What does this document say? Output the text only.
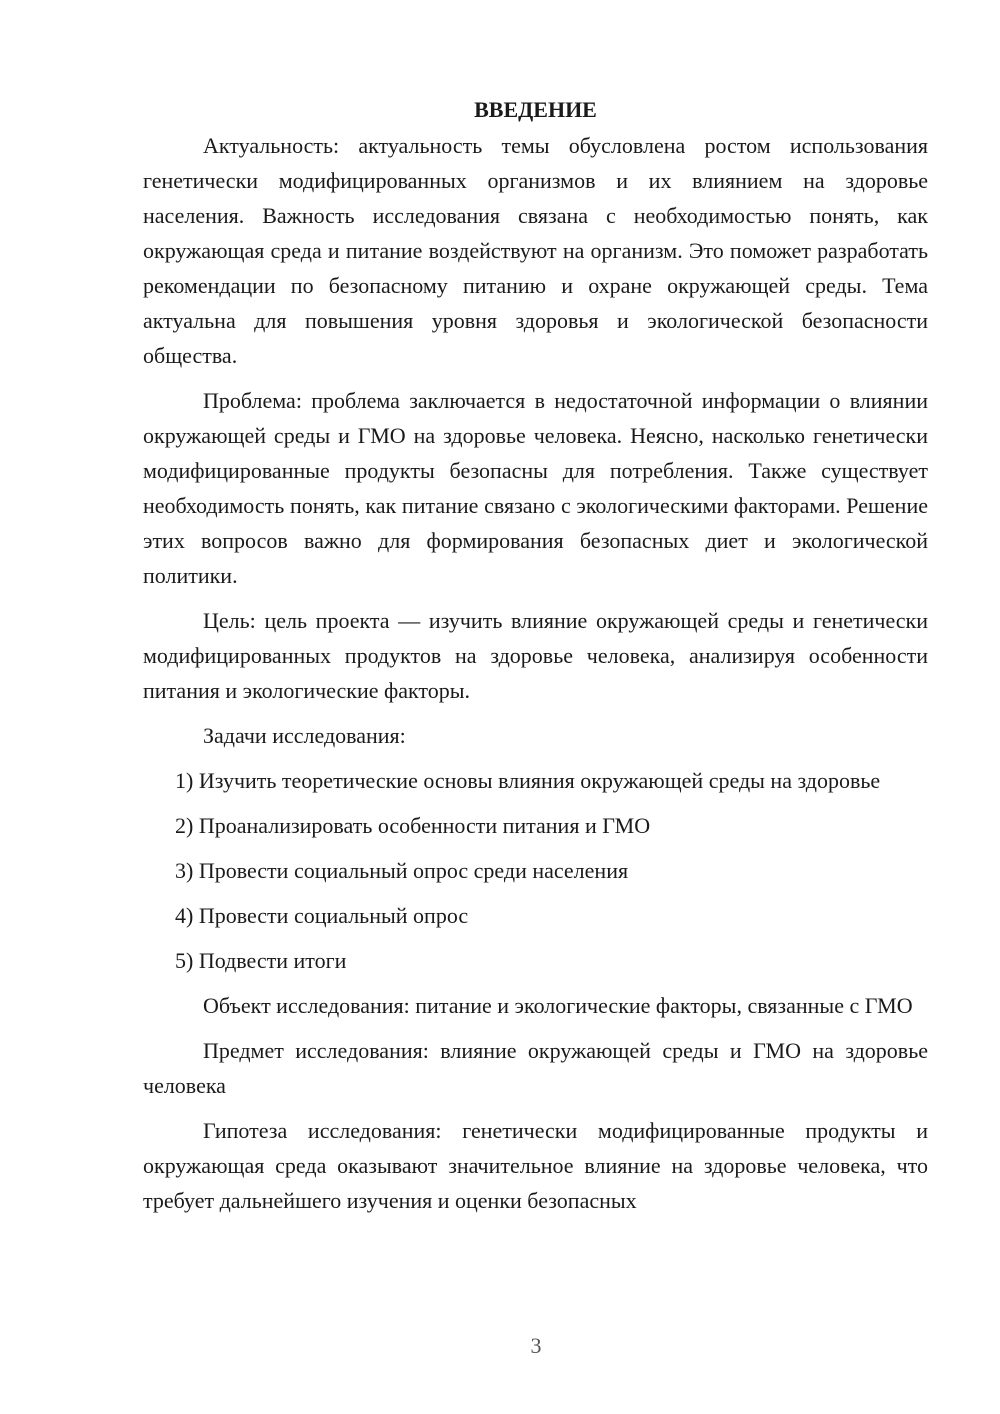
ВВЕДЕНИЕ

Актуальность: актуальность темы обусловлена ростом использования генетически модифицированных организмов и их влиянием на здоровье населения. Важность исследования связана с необходимостью понять, как окружающая среда и питание воздействуют на организм. Это поможет разработать рекомендации по безопасному питанию и охране окружающей среды. Тема актуальна для повышения уровня здоровья и экологической безопасности общества.

Проблема: проблема заключается в недостаточной информации о влиянии окружающей среды и ГМО на здоровье человека. Неясно, насколько генетически модифицированные продукты безопасны для потребления. Также существует необходимость понять, как питание связано с экологическими факторами. Решение этих вопросов важно для формирования безопасных диет и экологической политики.

Цель: цель проекта — изучить влияние окружающей среды и генетически модифицированных продуктов на здоровье человека, анализируя особенности питания и экологические факторы.

Задачи исследования:

1) Изучить теоретические основы влияния окружающей среды на здоровье

2) Проанализировать особенности питания и ГМО

3) Провести социальный опрос среди населения

4) Провести социальный опрос

5) Подвести итоги

Объект исследования: питание и экологические факторы, связанные с ГМО

Предмет исследования: влияние окружающей среды и ГМО на здоровье человека

Гипотеза исследования: генетически модифицированные продукты и окружающая среда оказывают значительное влияние на здоровье человека, что требует дальнейшего изучения и оценки безопасных

3
